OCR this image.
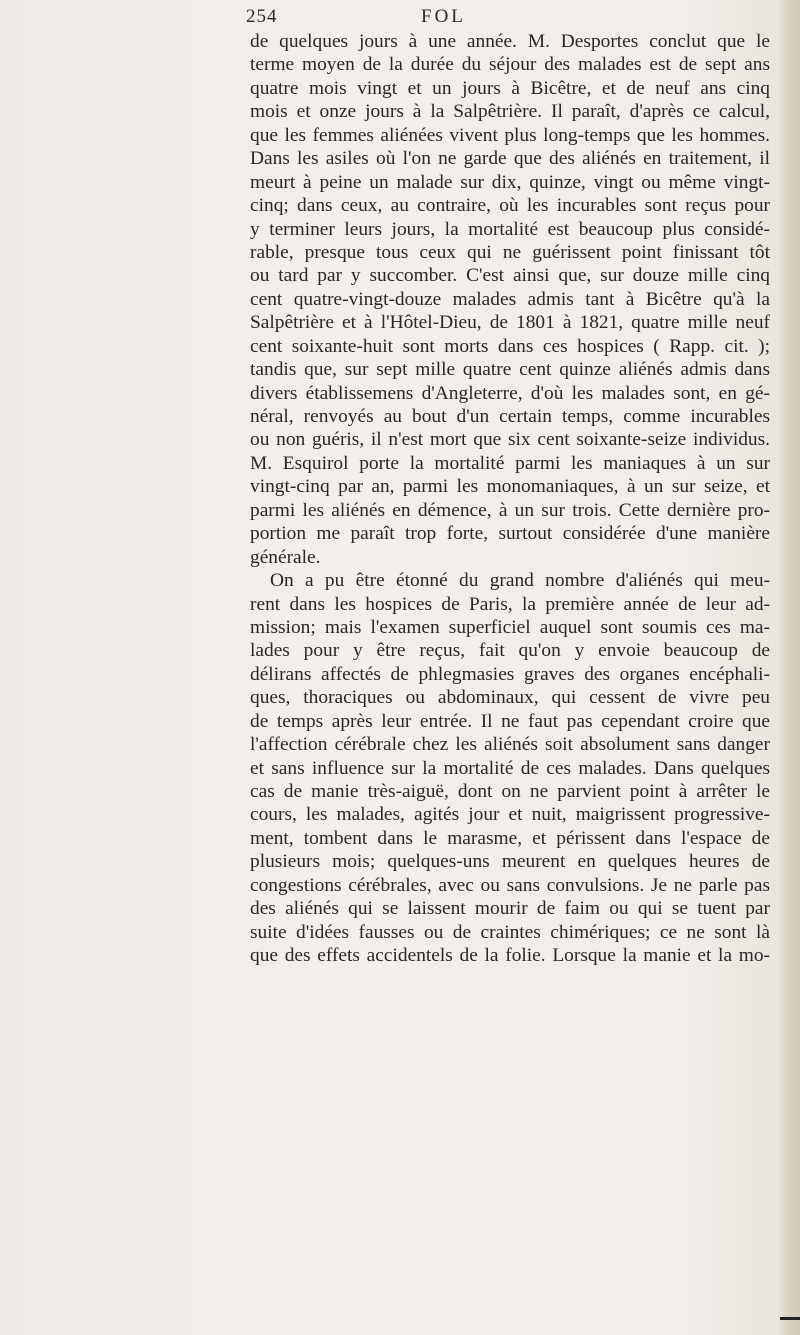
254	FOL
de quelques jours à une année. M. Desportes conclut que le
terme moyen de la durée du séjour des malades est de sept ans
quatre mois vingt et un jours à Bicêtre, et de neuf ans cinq
mois et onze jours à la Salpêtrière. Il paraît, d'après ce calcul,
que les femmes aliénées vivent plus long-temps que les hommes.
Dans les asiles où l'on ne garde que des aliénés en traitement, il
meurt à peine un malade sur dix, quinze, vingt ou même vingt-
cinq; dans ceux, au contraire, où les incurables sont reçus pour
y terminer leurs jours, la mortalité est beaucoup plus considé-
rable, presque tous ceux qui ne guérissent point finissant tôt
ou tard par y succomber. C'est ainsi que, sur douze mille cinq
cent quatre-vingt-douze malades admis tant à Bicêtre qu'à la
Salpêtrière et à l'Hôtel-Dieu, de 1801 à 1821, quatre mille neuf
cent soixante-huit sont morts dans ces hospices ( Rapp. cit. );
tandis que, sur sept mille quatre cent quinze aliénés admis dans
divers établissemens d'Angleterre, d'où les malades sont, en gé-
néral, renvoyés au bout d'un certain temps, comme incurables
ou non guéris, il n'est mort que six cent soixante-seize individus.
M. Esquirol porte la mortalité parmi les maniaques à un sur
vingt-cinq par an, parmi les monomaniaques, à un sur seize, et
parmi les aliénés en démence, à un sur trois. Cette dernière pro-
portion me paraît trop forte, surtout considérée d'une manière
générale.
On a pu être étonné du grand nombre d'aliénés qui meu-
rent dans les hospices de Paris, la première année de leur ad-
mission; mais l'examen superficiel auquel sont soumis ces ma-
lades pour y être reçus, fait qu'on y envoie beaucoup de
délirans affectés de phlegmasies graves des organes encéphali-
ques, thoraciques ou abdominaux, qui cessent de vivre peu
de temps après leur entrée. Il ne faut pas cependant croire que
l'affection cérébrale chez les aliénés soit absolument sans danger
et sans influence sur la mortalité de ces malades. Dans quelques
cas de manie très-aiguë, dont on ne parvient point à arrêter le
cours, les malades, agités jour et nuit, maigrissent progressive-
ment, tombent dans le marasme, et périssent dans l'espace de
plusieurs mois; quelques-uns meurent en quelques heures de
congestions cérébrales, avec ou sans convulsions. Je ne parle pas
des aliénés qui se laissent mourir de faim ou qui se tuent par
suite d'idées fausses ou de craintes chimériques; ce ne sont là
que des effets accidentels de la folie. Lorsque la manie et la mo-
